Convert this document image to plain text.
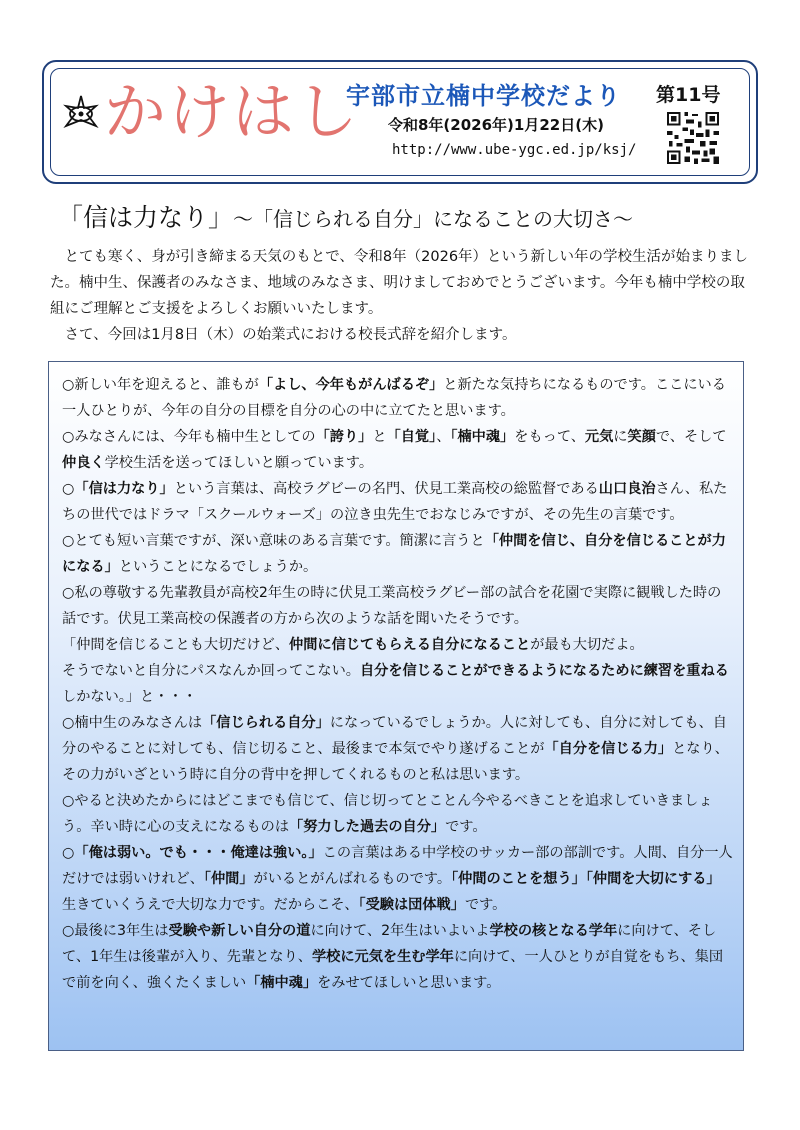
かけはし
宇部市立楠中学校だより 第11号
令和8年(2026年)1月22日(木)
http://www.ube-ygc.ed.jp/ksj/
「信は力なり」～「信じられる自分」になることの大切さ～

とても寒く、身が引き締まる天気のもとで、令和8年（2026年）という新しい年の学校生活が始まりました。楠中生、保護者のみなさま、地域のみなさま、明けましておめでとうございます。今年も楠中学校の取組にご理解とご支援をよろしくお願いいたします。

さて、今回は1月8日（木）の始業式における校長式辞を紹介します。

○新しい年を迎えると、誰もが「よし、今年もがんばるぞ」と新たな気持ちになるものです。ここにいる一人ひとりが、今年の自分の目標を自分の心の中に立てたと思います。

○みなさんには、今年も楠中生としての「誇り」と「自覚」、「楠中魂」をもって、元気に笑顔で、そして仲良く学校生活を送ってほしいと願っています。

○「信は力なり」という言葉は、高校ラグビーの名門、伏見工業高校の総監督である山口良治さん、私たちの世代ではドラマ「スクールウォーズ」の泣き虫先生でおなじみですが、その先生の言葉です。

○とても短い言葉ですが、深い意味のある言葉です。簡潔に言うと「仲間を信じ、自分を信じることが力になる」ということになるでしょうか。

○私の尊敬する先輩教員が高校2年生の時に伏見工業高校ラグビー部の試合を花園で実際に観戦した時の話です。伏見工業高校の保護者の方から次のような話を聞いたそうです。

「仲間を信じることも大切だけど、仲間に信じてもらえる自分になることが最も大切だよ。

そうでないと自分にパスなんか回ってこない。自分を信じることができるようになるために練習を重ねるしかない。」と・・・

○楠中生のみなさんは「信じられる自分」になっているでしょうか。人に対しても、自分に対しても、自分のやることに対しても、信じ切ること、最後まで本気でやり遂げることが「自分を信じる力」となり、その力がいざという時に自分の背中を押してくれるものと私は思います。

○やると決めたからにはどこまでも信じて、信じ切ってとことん今やるべきことを追求していきましょう。辛い時に心の支えになるものは「努力した過去の自分」です。

○「俺は弱い。でも・・・俺達は強い。」この言葉はある中学校のサッカー部の部訓です。人間、自分一人だけでは弱いけれど、「仲間」がいるとがんばれるものです。「仲間のことを想う」「仲間を大切にする」生きていくうえで大切な力です。だからこそ、「受験は団体戦」です。

○最後に3年生は受験や新しい自分の道に向けて、2年生はいよいよ学校の核となる学年に向けて、そして、1年生は後輩が入り、先輩となり、学校に元気を生む学年に向けて、一人ひとりが自覚をもち、集団で前を向く、強くたくましい「楠中魂」をみせてほしいと思います。
